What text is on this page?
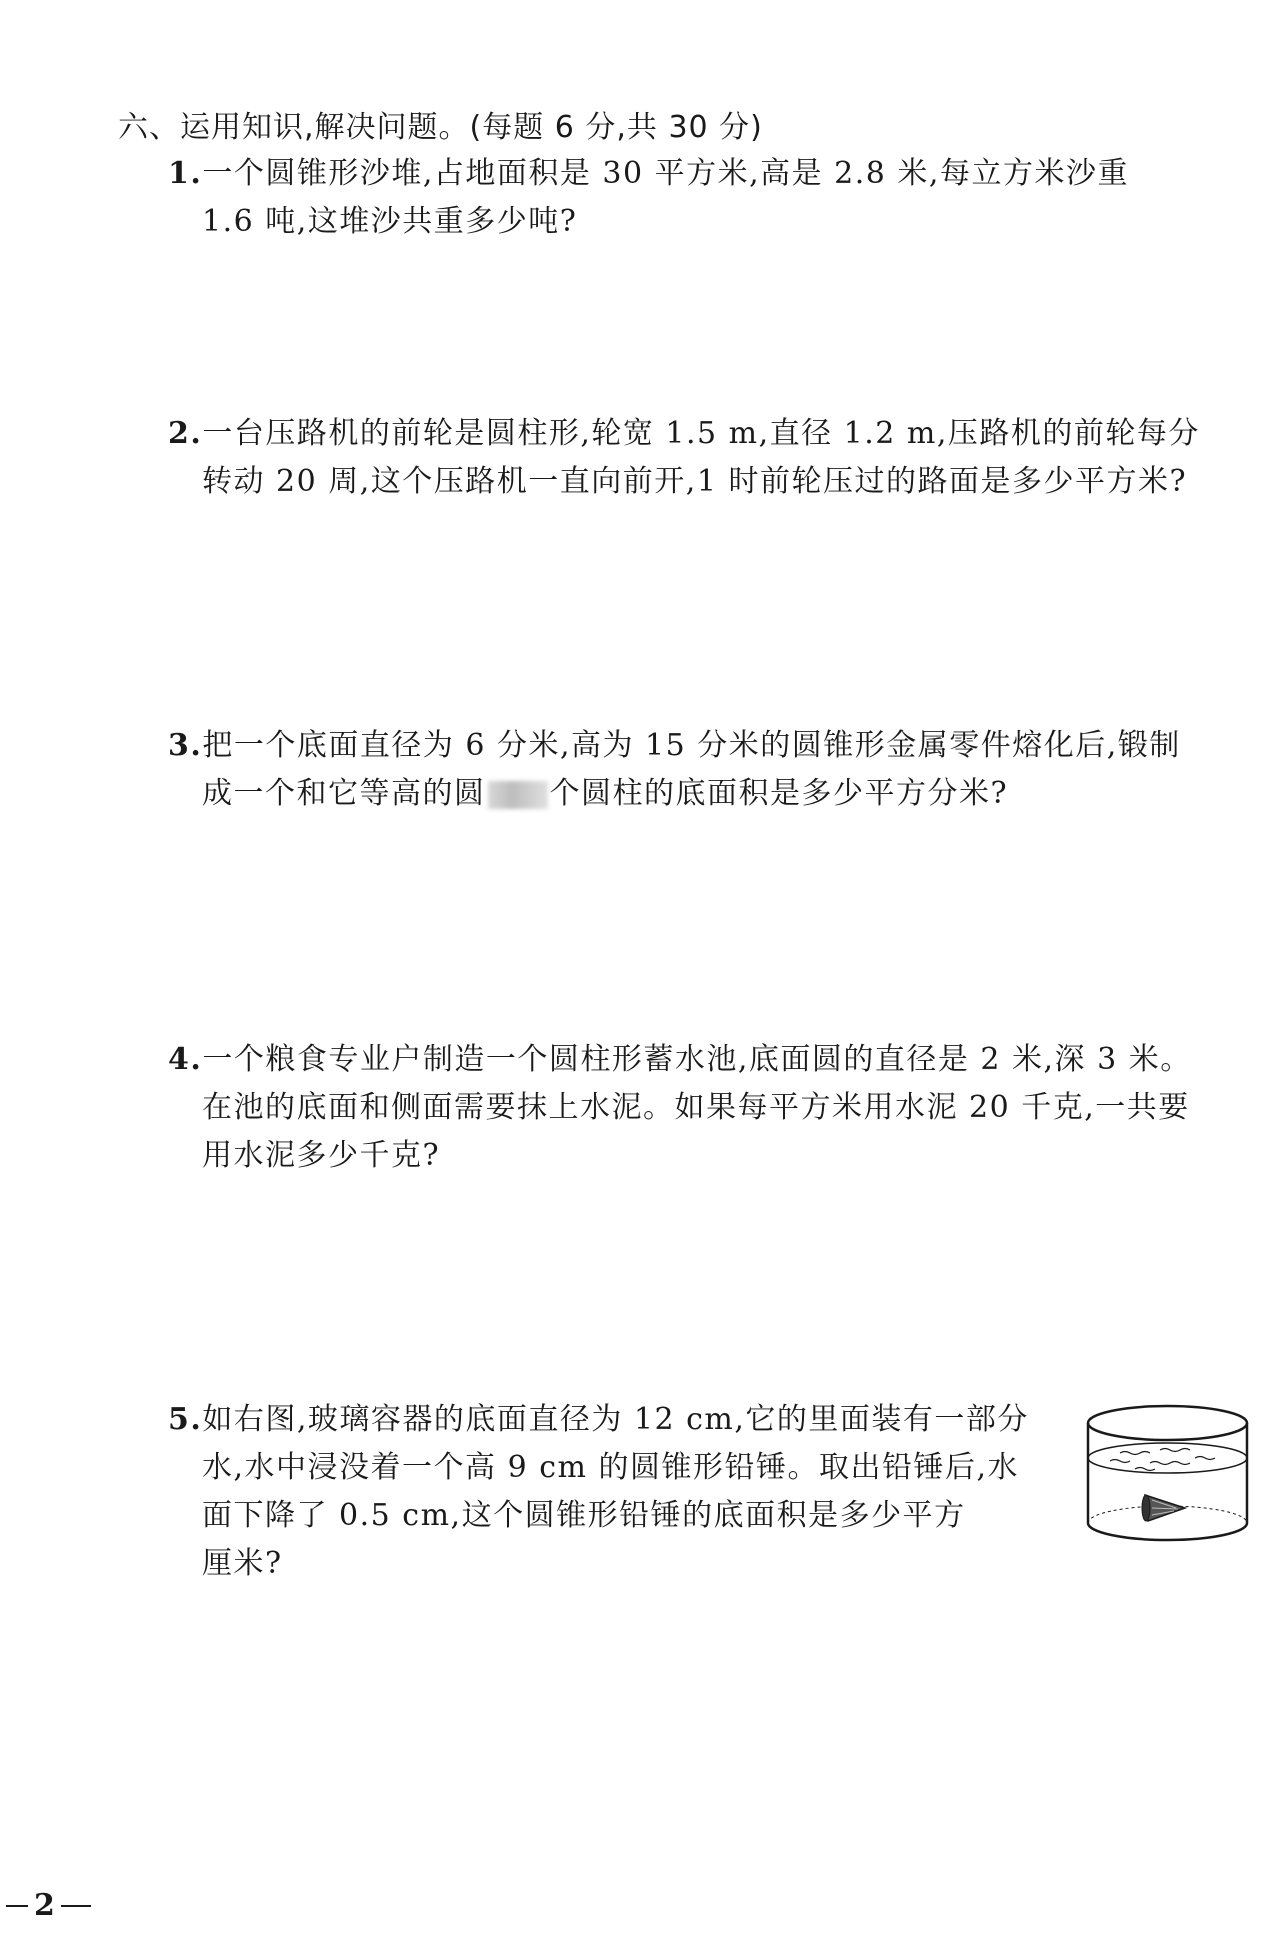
六、运用知识,解决问题。(每题 6 分,共 30 分)
1.一个圆锥形沙堆,占地面积是 30 平方米,高是 2.8 米,每立方米沙重
1.6 吨,这堆沙共重多少吨?
2.一台压路机的前轮是圆柱形,轮宽 1.5 m,直径 1.2 m,压路机的前轮每分
转动 20 周,这个压路机一直向前开,1 时前轮压过的路面是多少平方米?
3.把一个底面直径为 6 分米,高为 15 分米的圆锥形金属零件熔化后,锻制
成一个和它等高的圆 个圆柱的底面积是多少平方分米?
4.一个粮食专业户制造一个圆柱形蓄水池,底面圆的直径是 2 米,深 3 米。
在池的底面和侧面需要抹上水泥。如果每平方米用水泥 20 千克,一共要
用水泥多少千克?
5.如右图,玻璃容器的底面直径为 12 cm,它的里面装有一部分
水,水中浸没着一个高 9 cm 的圆锥形铅锤。取出铅锤后,水
面下降了 0.5 cm,这个圆锥形铅锤的底面积是多少平方
厘米?
2
